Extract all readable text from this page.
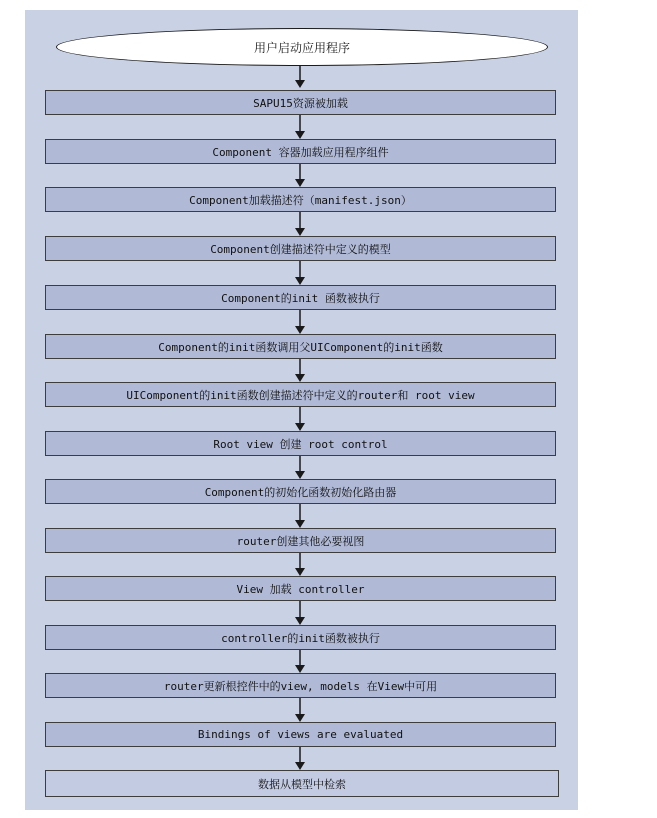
用户启动应用程序
SAPU15资源被加载
Component 容器加载应用程序组件
Component加载描述符（manifest.json）
Component创建描述符中定义的模型
Component的init 函数被执行
Component的init函数调用父UIComponent的init函数
UIComponent的init函数创建描述符中定义的router和 root view
Root view 创建 root control
Component的初始化函数初始化路由器
router创建其他必要视图
View 加载 controller
controller的init函数被执行
router更新根控件中的view, models 在View中可用
Bindings of views are evaluated
数据从模型中检索
